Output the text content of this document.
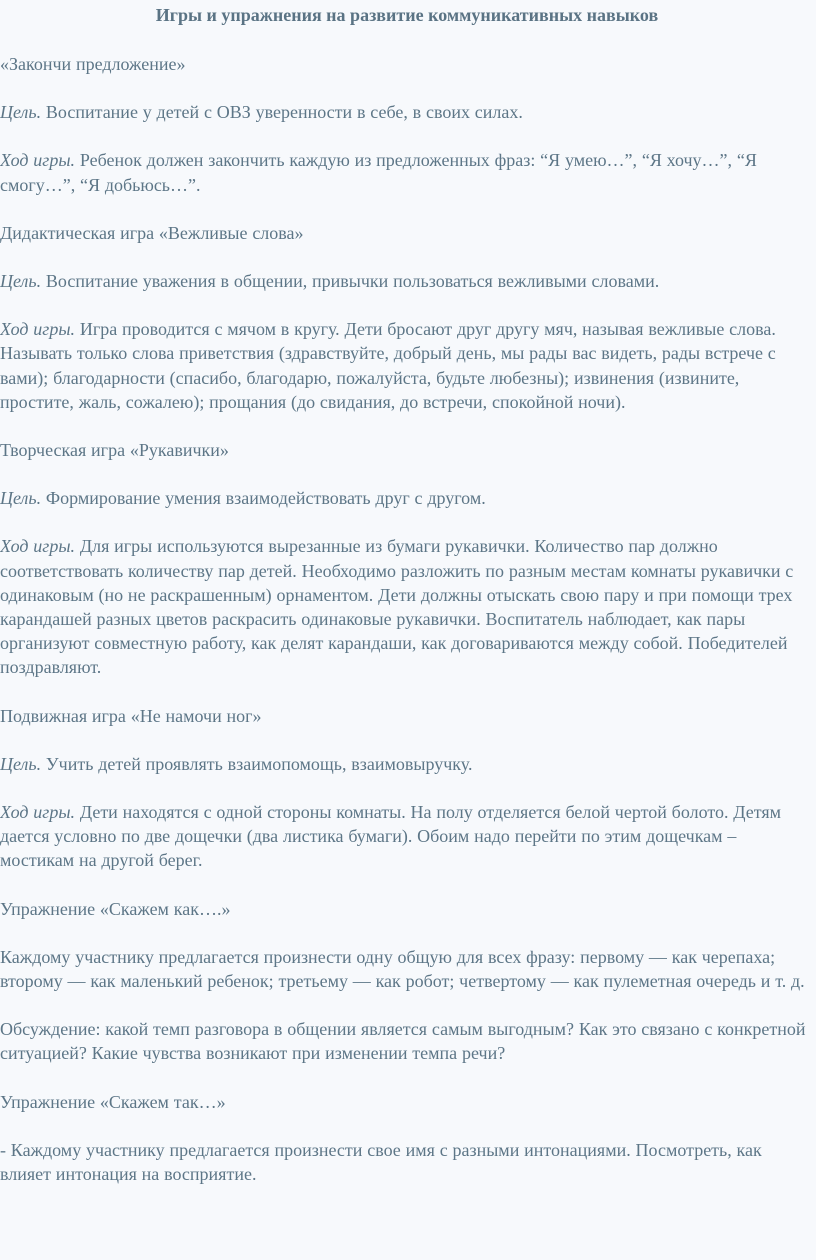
Игры и упражнения на развитие коммуникативных навыков

«Закончи предложение»

Цель. Воспитание у детей с ОВЗ уверенности в себе, в своих силах.

Ход игры. Ребенок должен закончить каждую из предложенных фраз: “Я умею…”, “Я хочу…”, “Я смогу…”, “Я добьюсь…”.

Дидактическая игра «Вежливые слова»

Цель. Воспитание уважения в общении, привычки пользоваться вежливыми словами.

Ход игры. Игра проводится с мячом в кругу. Дети бросают друг другу мяч, называя вежливые слова. Называть только слова приветствия (здравствуйте, добрый день, мы рады вас видеть, рады встрече с вами); благодарности (спасибо, благодарю, пожалуйста, будьте любезны); извинения (извините, простите, жаль, сожалею); прощания (до свидания, до встречи, спокойной ночи).

Творческая игра «Рукавички»

Цель. Формирование умения взаимодействовать друг с другом.

Ход игры. Для игры используются вырезанные из бумаги рукавички. Количество пар должно соответствовать количеству пар детей. Необходимо разложить по разным местам комнаты рукавички с одинаковым (но не раскрашенным) орнаментом. Дети должны отыскать свою пару и при помощи трех карандашей разных цветов раскрасить одинаковые рукавички. Воспитатель наблюдает, как пары организуют совместную работу, как делят карандаши, как договариваются между собой. Победителей поздравляют.

Подвижная игра «Не намочи ног»

Цель. Учить детей проявлять взаимопомощь, взаимовыручку.

Ход игры. Дети находятся с одной стороны комнаты. На полу отделяется белой чертой болото. Детям дается условно по две дощечки (два листика бумаги). Обоим надо перейти по этим дощечкам – мостикам на другой берег.

Упражнение «Скажем как….»

Каждому участнику предлагается произнести одну общую для всех фразу: первому — как черепаха; второму — как маленький ребенок; третьему — как робот; четвертому — как пулеметная очередь и т. д.

Обсуждение: какой темп разговора в общении является самым выгодным? Как это связано с конкретной ситуацией? Какие чувства возникают при изменении темпа речи?

Упражнение «Скажем так…»

- Каждому участнику предлагается произнести свое имя с разными интонациями. Посмотреть, как влияет интонация на восприятие.
